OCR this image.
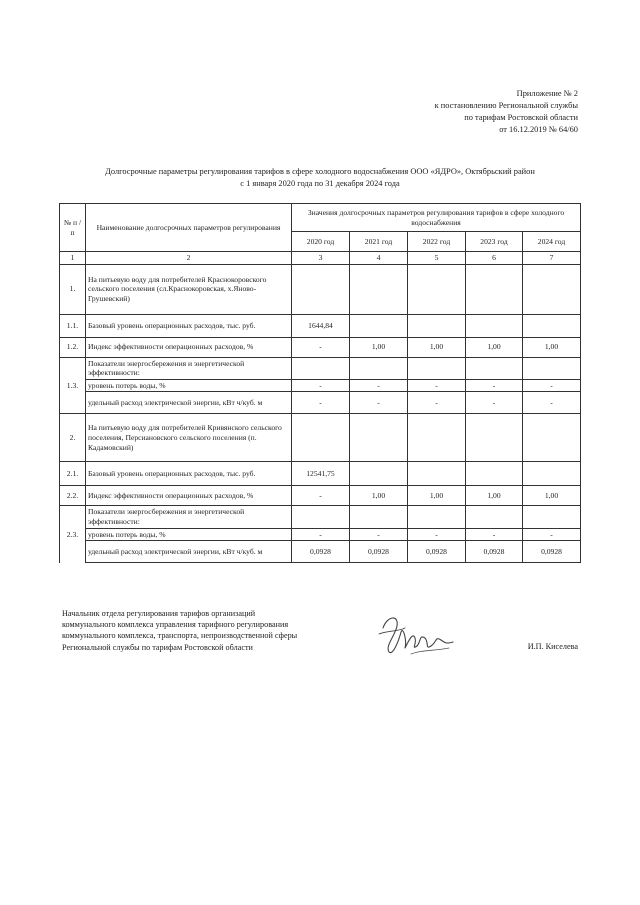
Приложение № 2
к постановлению Региональной службы
по тарифам Ростовской области
от 16.12.2019 № 64/60
Долгосрочные параметры регулирования тарифов в сфере холодного водоснабжения ООО «ЯДРО», Октябрьский район
с 1 января 2020 года по 31 декабря 2024 года
№ п /п	Наименование долгосрочных параметров регулирования	Значения долгосрочных параметров регулирования тарифов в сфере холодного водоснабжения				
		2020 год	2021 год	2022 год	2023 год	2024 год
1	2	3	4	5	6	7
1.	На питьевую воду для потребителей Краснокоровского сельского поселения (сл.Краснокоровская, х.Яново-Грушевский)					
1.1.	Базовый уровень операционных расходов, тыс. руб.	1644,84				
1.2.	Индекс эффективности операционных расходов, %	-	1,00	1,00	1,00	1,00
1.3.	Показатели энергосбережения и энергетической эффективности:					
	уровень потерь воды, %	-	-	-	-	-
	удельный расход электрической энергии, кВт ч/куб. м	-	-	-	-	-
2.	На питьевую воду для потребителей Кривянского сельского поселения, Персиановского сельского поселения (п. Кадамовский)					
2.1.	Базовый уровень операционных расходов, тыс. руб.	12541,75				
2.2.	Индекс эффективности операционных расходов, %	-	1,00	1,00	1,00	1,00
2.3.	Показатели энергосбережения и энергетической эффективности:					
	уровень потерь воды, %	-	-	-	-	-
	удельный расход электрической энергии, кВт ч/куб. м	0,0928	0,0928	0,0928	0,0928	0,0928
Начальник отдела регулирования тарифов организаций
коммунального комплекса управления тарифного регулирования
коммунального комплекса, транспорта, непроизводственной сферы
Региональной службы по тарифам Ростовской области	И.П. Киселева
